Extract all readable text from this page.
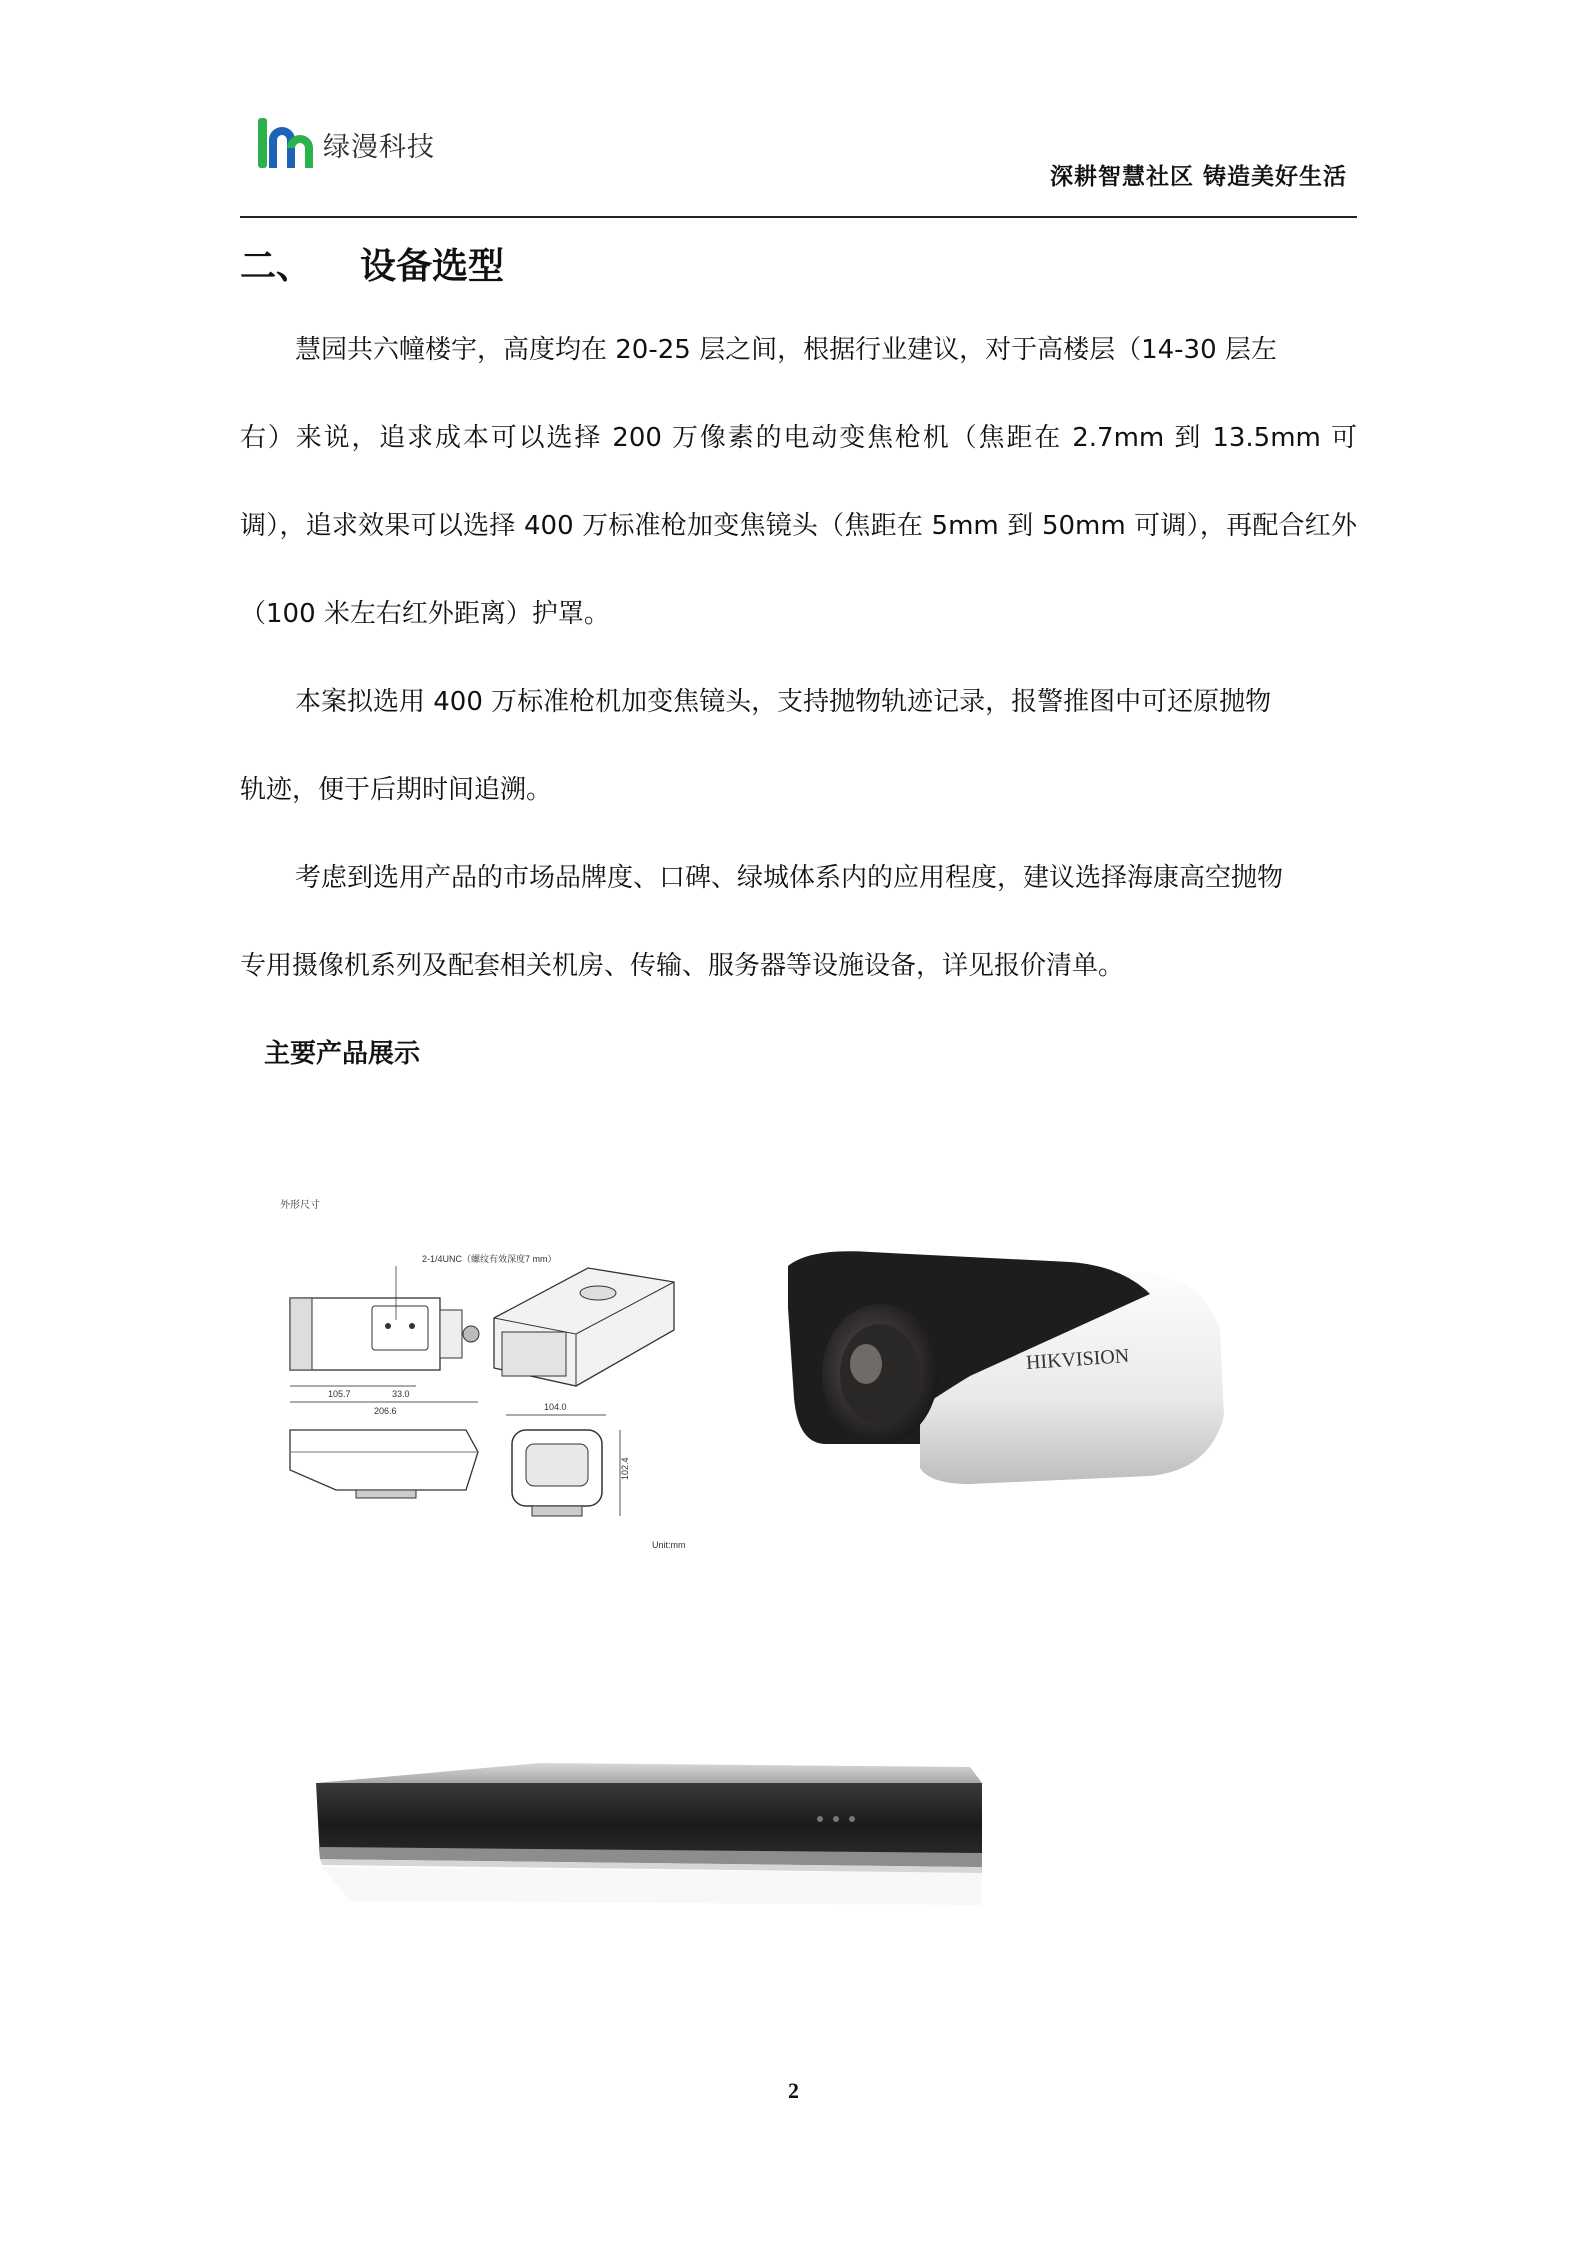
绿漫科技
深耕智慧社区 铸造美好生活
二、 设备选型
慧园共六幢楼宇，高度均在 20-25 层之间，根据行业建议，对于高楼层（14-30 层左
右）来说，追求成本可以选择 200 万像素的电动变焦枪机（焦距在 2.7mm 到 13.5mm 可调），追求效果可以选择 400 万标准枪加变焦镜头（焦距在 5mm 到 50mm 可调），再配合红外（100 米左右红外距离）护罩。
本案拟选用 400 万标准枪机加变焦镜头，支持抛物轨迹记录，报警推图中可还原抛物
轨迹，便于后期时间追溯。
考虑到选用产品的市场品牌度、口碑、绿城体系内的应用程度，建议选择海康高空抛物
专用摄像机系列及配套相关机房、传输、服务器等设施设备，详见报价清单。
主要产品展示
外形尺寸
2-1/4UNC（螺纹有效深度7 mm）
105.7	33.0
206.6	104.0
102.4
Unit:mm
HIKVISION
2
